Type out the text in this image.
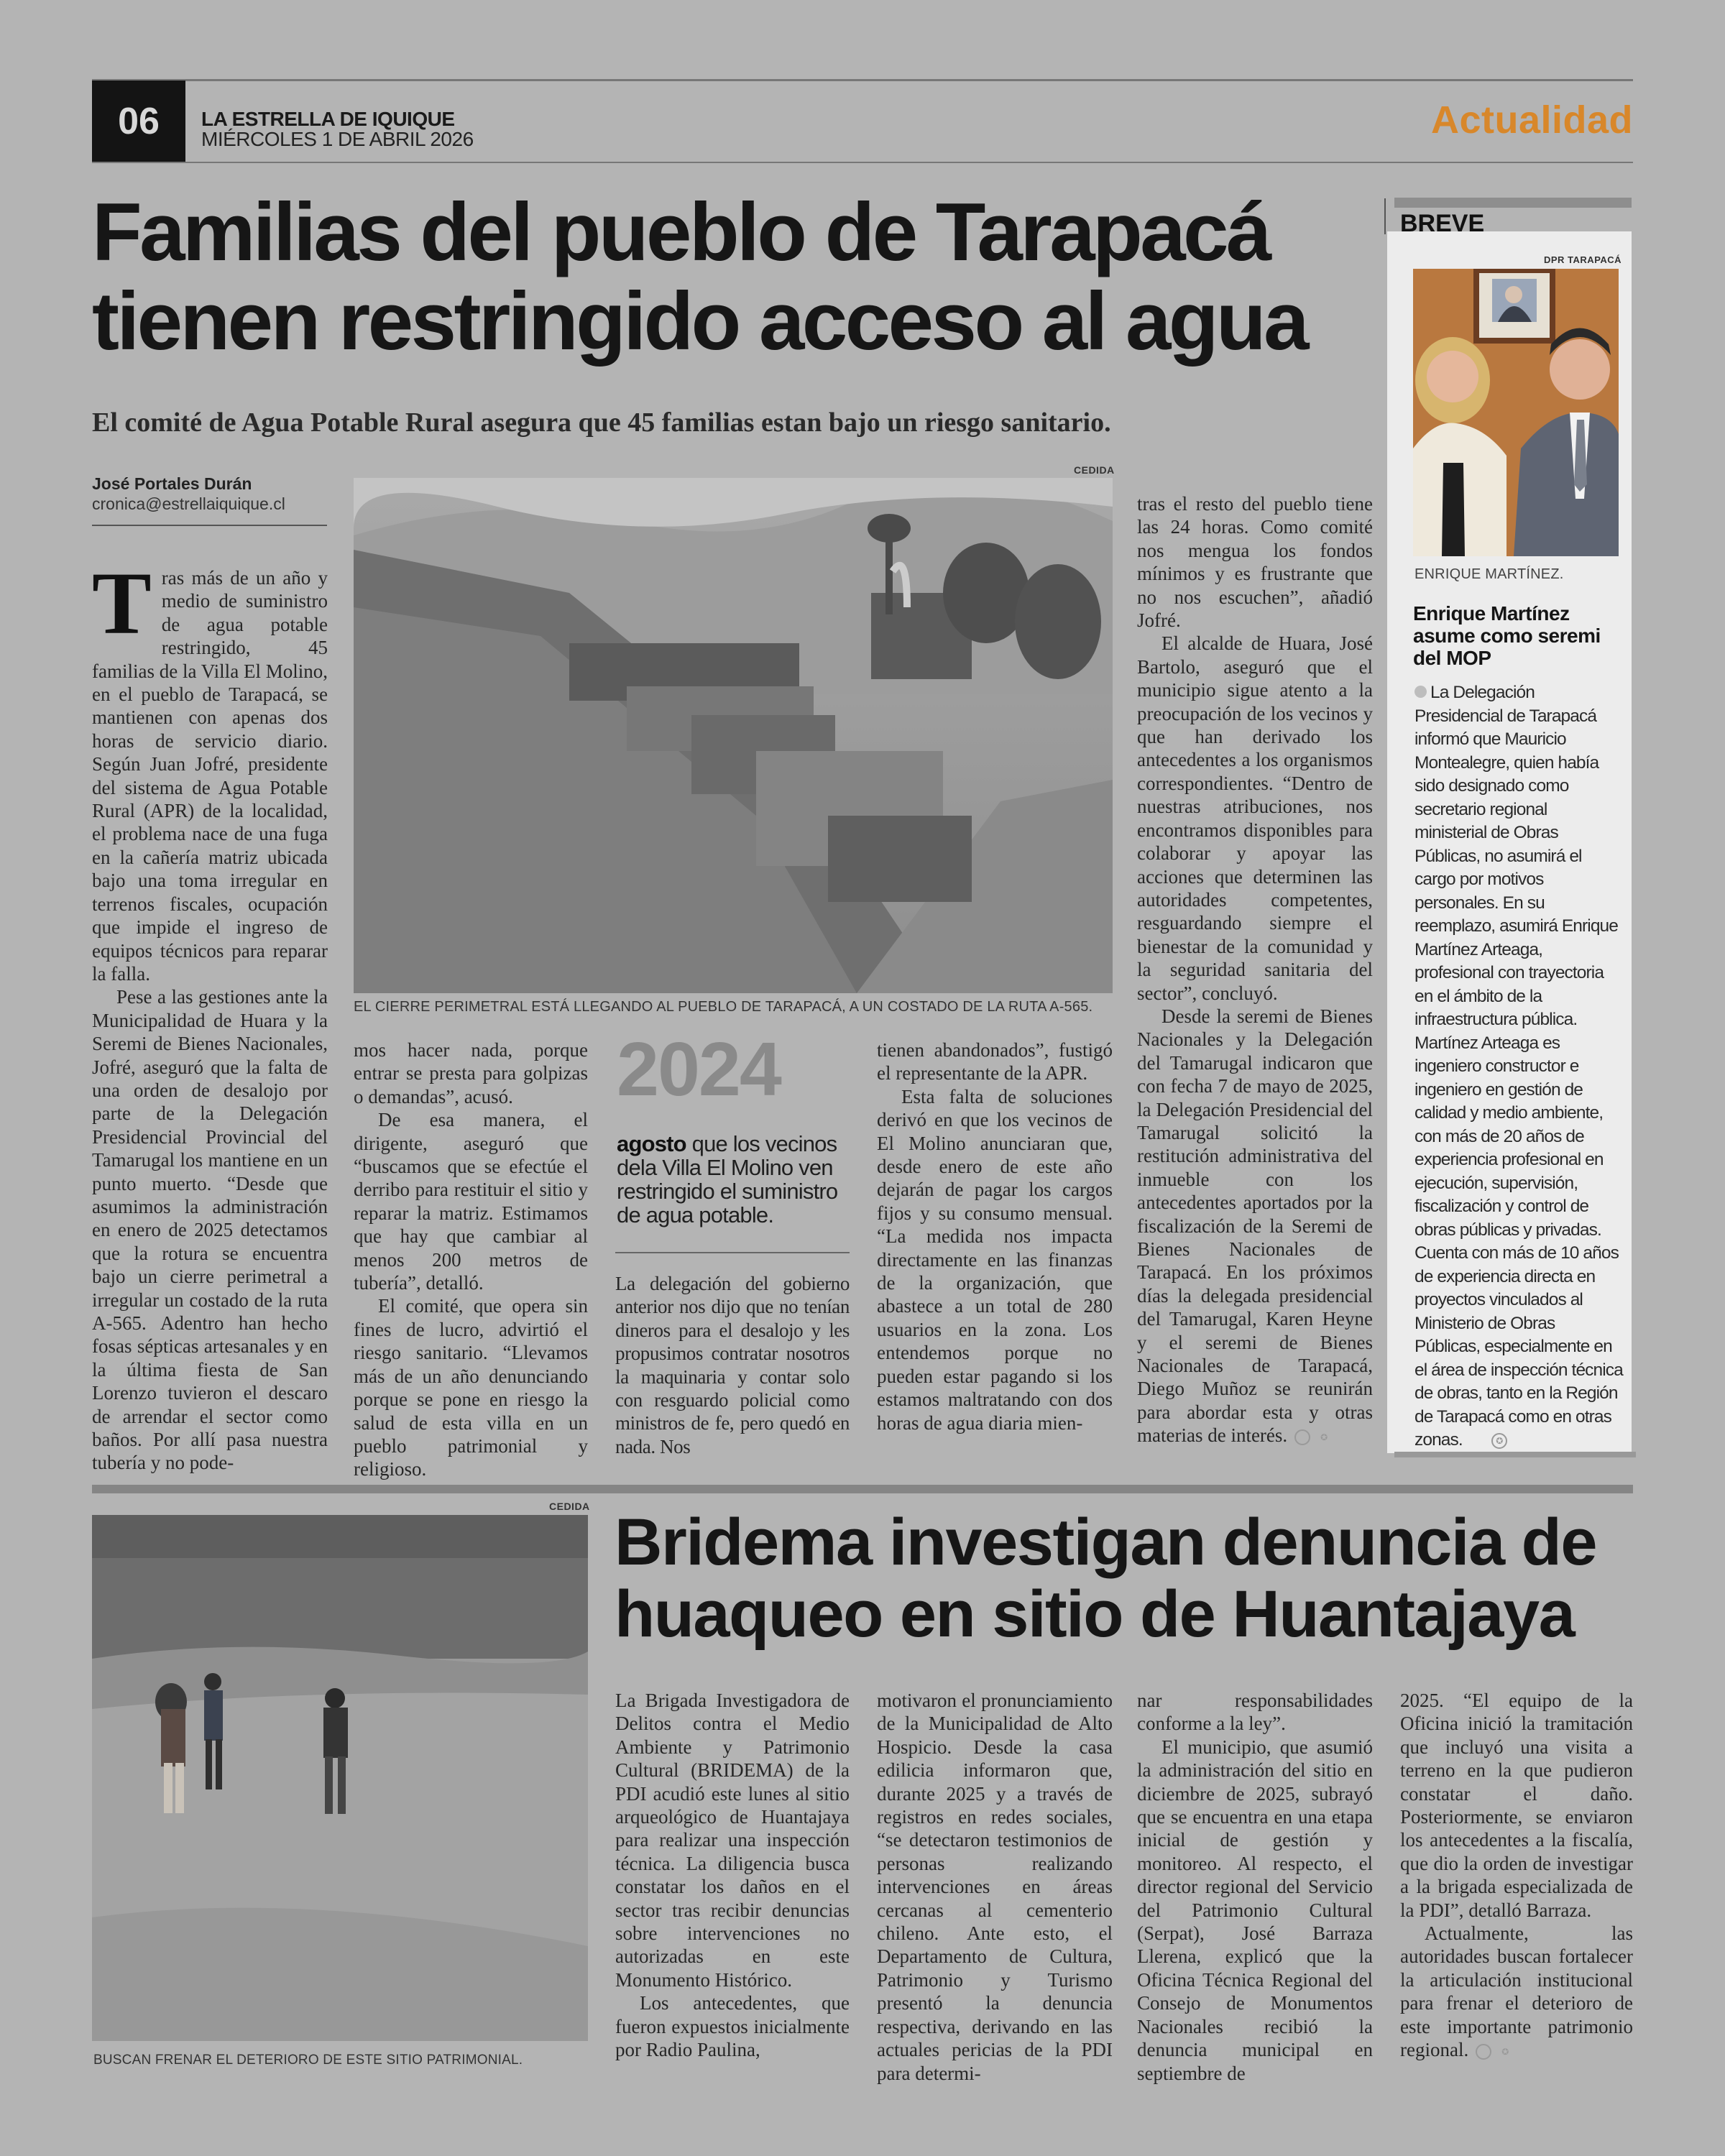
06	LA ESTRELLA DE IQUIQUE
MIÉRCOLES 1 DE ABRIL 2026	Actualidad
Familias del pueblo de Tarapacá
tienen restringido acceso al agua
El comité de Agua Potable Rural asegura que 45 familias estan bajo un riesgo sanitario.
José Portales Durán
cronica@estrellaiquique.cl

Tras más de un año y medio de suministro de agua potable restringido, 45 familias de la Villa El Molino, en el pueblo de Tarapacá, se mantienen con apenas dos horas de servicio diario. Según Juan Jofré, presidente del sistema de Agua Potable Rural (APR) de la localidad, el problema nace de una fuga en la cañería matriz ubicada bajo una toma irregular en terrenos fiscales, ocupación que impide el ingreso de equipos técnicos para reparar la falla.

Pese a las gestiones ante la Municipalidad de Huara y la Seremi de Bienes Nacionales, Jofré, aseguró que la falta de una orden de desalojo por parte de la Delegación Presidencial Provincial del Tamarugal los mantiene en un punto muerto. “Desde que asumimos la administración en enero de 2025 detectamos que la rotura se encuentra bajo un cierre perimetral a irregular un costado de la ruta A-565. Adentro han hecho fosas sépticas artesanales y en la última fiesta de San Lorenzo tuvieron el descaro de arrendar el sector como baños. Por allí pasa nuestra tubería y no pode-

CEDIDA
EL CIERRE PERIMETRAL ESTÁ LLEGANDO AL PUEBLO DE TARAPACÁ, A UN COSTADO DE LA RUTA A-565.

mos hacer nada, porque entrar se presta para golpizas o demandas”, acusó.

De esa manera, el dirigente, aseguró que “buscamos que se efectúe el derribo para restituir el sitio y reparar la matriz. Estimamos que hay que cambiar al menos 200 metros de tubería”, detalló.

El comité, que opera sin fines de lucro, advirtió el riesgo sanitario. “Llevamos más de un año denunciando porque se pone en riesgo la salud de esta villa en un pueblo patrimonial y religioso.

2024
agosto que los vecinos dela Villa El Molino ven restringido el suministro de agua potable.

La delegación del gobierno anterior nos dijo que no tenían dineros para el desalojo y les propusimos contratar nosotros la maquinaria y contar solo con resguardo policial como ministros de fe, pero quedó en nada. Nos

tienen abandonados”, fustigó el representante de la APR.

Esta falta de soluciones derivó en que los vecinos de El Molino anunciaran que, desde enero de este año dejarán de pagar los cargos fijos y su consumo mensual. “La medida nos impacta directamente en las finanzas de la organización, que abastece a un total de 280 usuarios en la zona. Los entendemos porque no pueden estar pagando si los estamos maltratando con dos horas de agua diaria mien-

tras el resto del pueblo tiene las 24 horas. Como comité nos mengua los fondos mínimos y es frustrante que no nos escuchen”, añadió Jofré.

El alcalde de Huara, José Bartolo, aseguró que el municipio sigue atento a la preocupación de los vecinos y que han derivado los antecedentes a los organismos correspondientes. “Dentro de nuestras atribuciones, nos encontramos disponibles para colaborar y apoyar las acciones que determinen las autoridades competentes, resguardando siempre el bienestar de la comunidad y la seguridad sanitaria del sector”, concluyó.

Desde la seremi de Bienes Nacionales y la Delegación del Tamarugal indicaron que con fecha 7 de mayo de 2025, la Delegación Presidencial del Tamarugal solicitó la restitución administrativa del inmueble con los antecedentes aportados por la fiscalización de la Seremi de Bienes Nacionales de Tarapacá. En los próximos días la delegada presidencial del Tamarugal, Karen Heyne y el seremi de Bienes Nacionales de Tarapacá, Diego Muñoz se reunirán para abordar esta y otras materias de interés.	✪

BREVE
DPR TARAPACÁ
ENRIQUE MARTÍNEZ.
Enrique Martínez asume como seremi del MOP

La Delegación Presidencial de Tarapacá informó que Mauricio Montealegre, quien había sido designado como secretario regional ministerial de Obras Públicas, no asumirá el cargo por motivos personales. En su reemplazo, asumirá Enrique Martínez Arteaga, profesional con trayectoria en el ámbito de la infraestructura pública.

Martínez Arteaga es ingeniero constructor e ingeniero en gestión de calidad y medio ambiente, con más de 20 años de experiencia profesional en ejecución, supervisión, fiscalización y control de obras públicas y privadas. Cuenta con más de 10 años de experiencia directa en proyectos vinculados al Ministerio de Obras Públicas, especialmente en el área de inspección técnica de obras, tanto en la Región de Tarapacá como en otras zonas.	✪

CEDIDA
BUSCAN FRENAR EL DETERIORO DE ESTE SITIO PATRIMONIAL.
Bridema investigan denuncia de
huaqueo en sitio de Huantajaya

La Brigada Investigadora de Delitos contra el Medio Ambiente y Patrimonio Cultural (BRIDEMA) de la PDI acudió este lunes al sitio arqueológico de Huantajaya para realizar una inspección técnica. La diligencia busca constatar los daños en el sector tras recibir denuncias sobre intervenciones no autorizadas en este Monumento Histórico.

Los antecedentes, que fueron expuestos inicialmente por Radio Paulina,

motivaron el pronunciamiento de la Municipalidad de Alto Hospicio. Desde la casa edilicia informaron que, durante 2025 y a través de registros en redes sociales, “se detectaron testimonios de personas realizando intervenciones en áreas cercanas al cementerio chileno. Ante esto, el Departamento de Cultura, Patrimonio y Turismo presentó la denuncia respectiva, derivando en las actuales pericias de la PDI para determi-

nar responsabilidades conforme a la ley”.

El municipio, que asumió la administración del sitio en diciembre de 2025, subrayó que se encuentra en una etapa inicial de gestión y monitoreo. Al respecto, el director regional del Servicio del Patrimonio Cultural (Serpat), José Barraza Llerena, explicó que la Oficina Técnica Regional del Consejo de Monumentos Nacionales recibió la denuncia municipal en septiembre de

2025. “El equipo de la Oficina inició la tramitación que incluyó una visita a terreno en la que pudieron constatar el daño. Posteriormente, se enviaron los antecedentes a la fiscalía, que dio la orden de investigar a la brigada especializada de la PDI”, detalló Barraza.

Actualmente, las autoridades buscan fortalecer la articulación institucional para frenar el deterioro de este importante patrimonio regional.	✪
